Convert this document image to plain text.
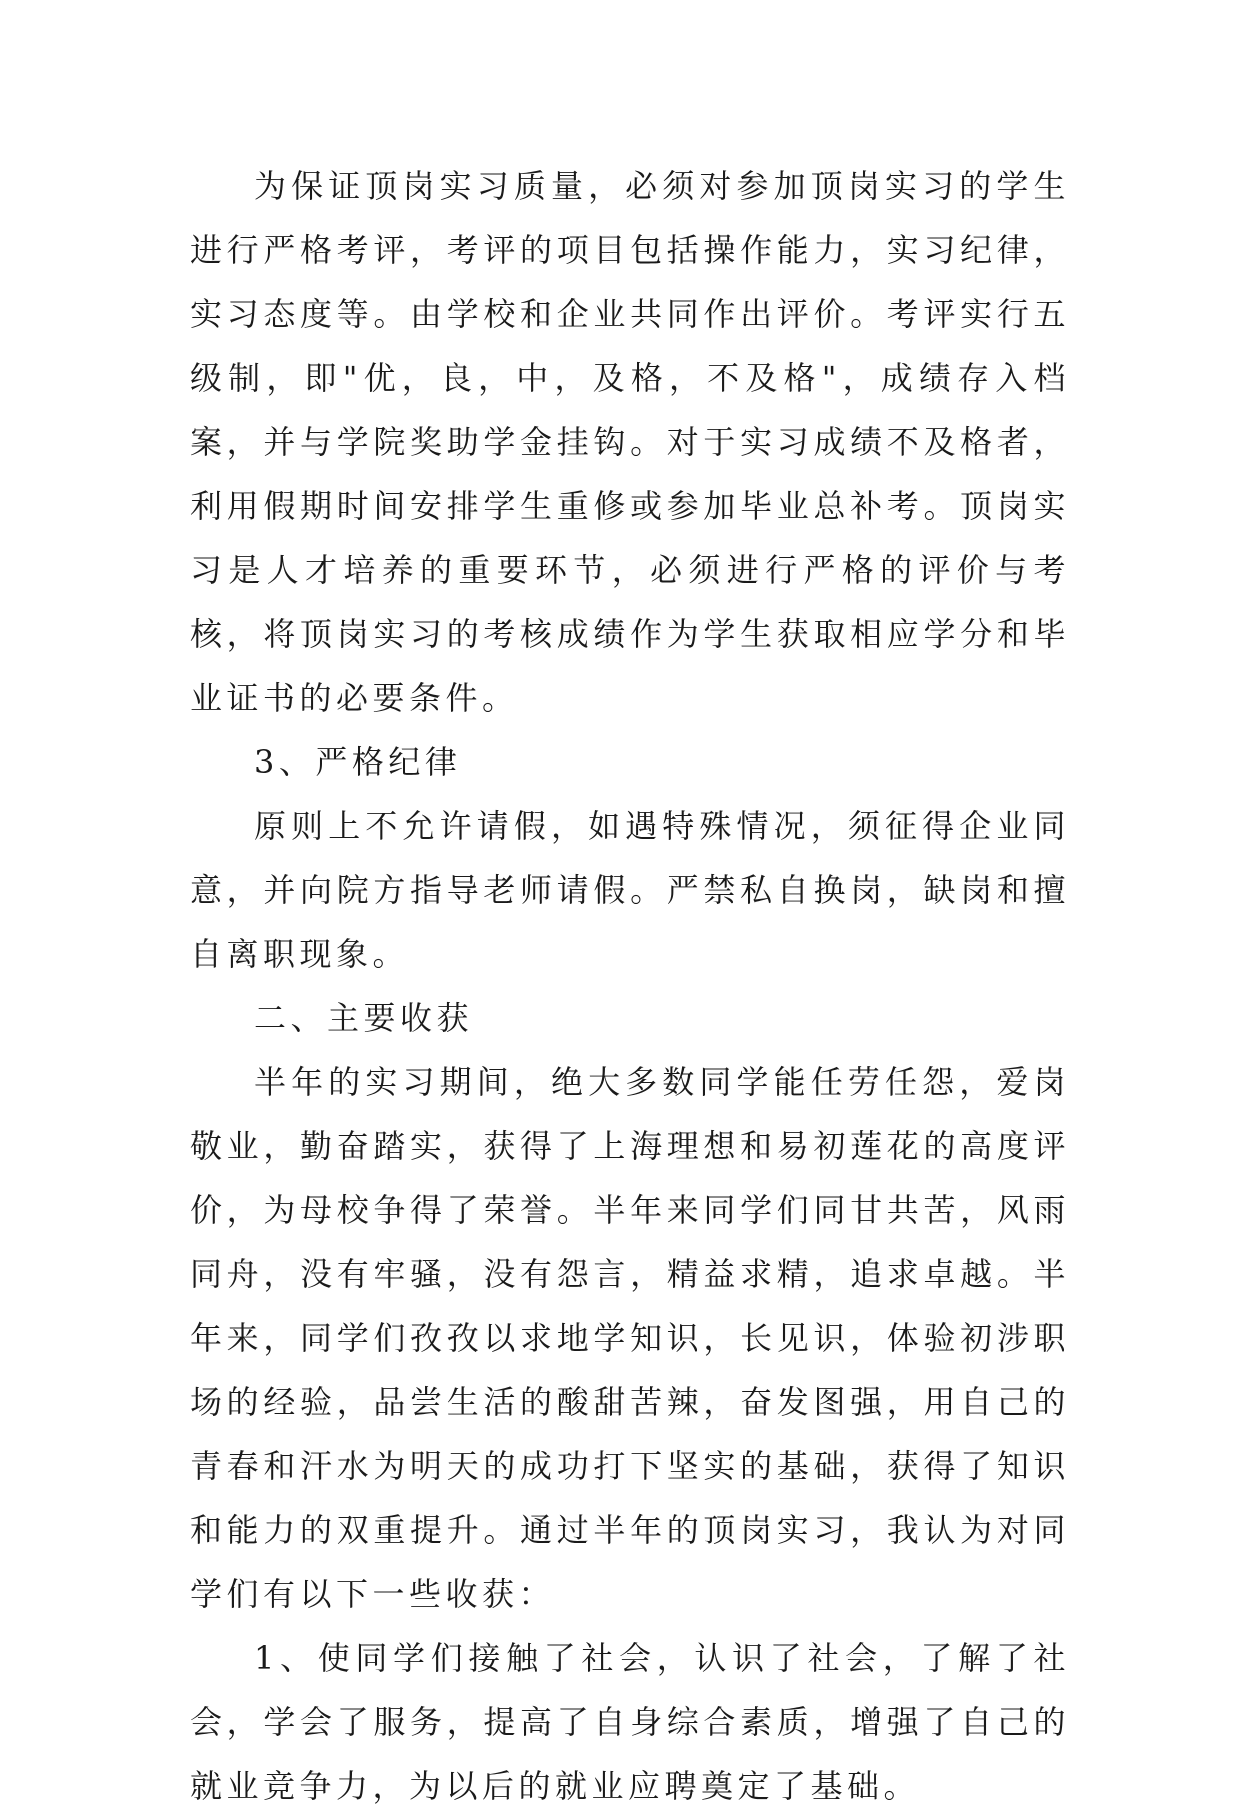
为保证顶岗实习质量，必须对参加顶岗实习的学生进行严格考评，考评的项目包括操作能力，实习纪律，实习态度等。由学校和企业共同作出评价。考评实行五级制，即"优，良，中，及格，不及格"，成绩存入档案，并与学院奖助学金挂钩。对于实习成绩不及格者，利用假期时间安排学生重修或参加毕业总补考。顶岗实习是人才培养的重要环节，必须进行严格的评价与考核，将顶岗实习的考核成绩作为学生获取相应学分和毕业证书的必要条件。

3、严格纪律

原则上不允许请假，如遇特殊情况，须征得企业同意，并向院方指导老师请假。严禁私自换岗，缺岗和擅自离职现象。

二、主要收获

半年的实习期间，绝大多数同学能任劳任怨，爱岗敬业，勤奋踏实，获得了上海理想和易初莲花的高度评价，为母校争得了荣誉。半年来同学们同甘共苦，风雨同舟，没有牢骚，没有怨言，精益求精，追求卓越。半年来，同学们孜孜以求地学知识，长见识，体验初涉职场的经验，品尝生活的酸甜苦辣，奋发图强，用自己的青春和汗水为明天的成功打下坚实的基础，获得了知识和能力的双重提升。通过半年的顶岗实习，我认为对同学们有以下一些收获：

1、使同学们接触了社会，认识了社会，了解了社会，学会了服务，提高了自身综合素质，增强了自己的就业竞争力，为以后的就业应聘奠定了基础。
